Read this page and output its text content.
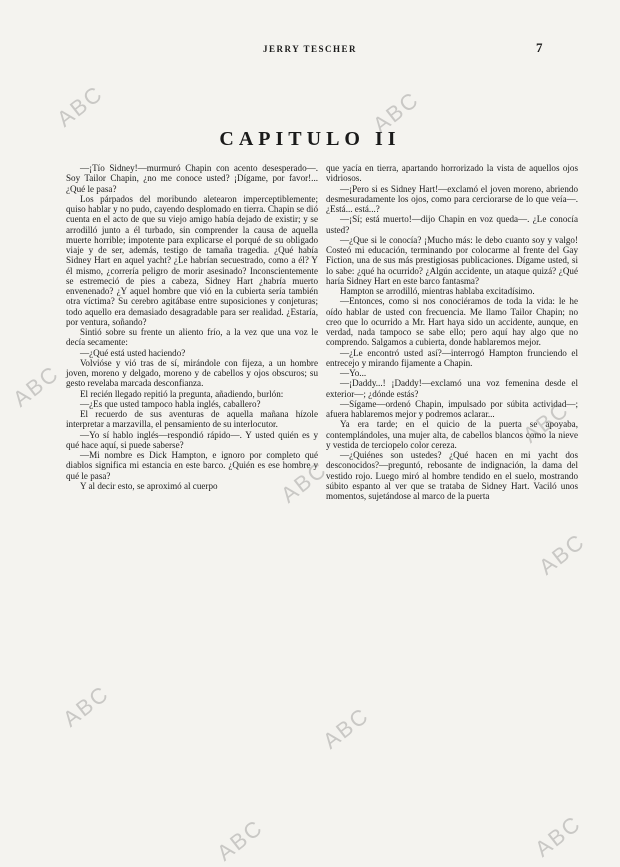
JERRY TESCHER	7
CAPITULO II

—¡Tío Sidney!—murmuró Chapin con acento desesperado—. Soy Tailor Chapin, ¿no me conoce usted? ¡Dígame, por favor!... ¿Qué le pasa?

Los párpados del moribundo aletearon imperceptiblemente; quiso hablar y no pudo, cayendo desplomado en tierra. Chapin se dió cuenta en el acto de que su viejo amigo había dejado de existir; y se arrodilló junto a él turbado, sin comprender la causa de aquella muerte horrible; impotente para explicarse el porqué de su obligado viaje y de ser, además, testigo de tamaña tragedia. ¿Qué había Sidney Hart en aquel yacht? ¿Le habrían secuestrado, como a él? Y él mismo, ¿correría peligro de morir asesinado? Inconscientemente se estremeció de pies a cabeza, Sidney Hart ¿habría muerto envenenado? ¿Y aquel hombre que vió en la cubierta sería también otra víctima? Su cerebro agitábase entre suposiciones y conjeturas; todo aquello era demasiado desagradable para ser realidad. ¿Estaría, por ventura, soñando?

Sintió sobre su frente un aliento frío, a la vez que una voz le decía secamente:

—¿Qué está usted haciendo?

Volvióse y vió tras de sí, mirándole con fijeza, a un hombre joven, moreno y delgado, moreno y de cabellos y ojos obscuros; su gesto revelaba marcada desconfianza.

El recién llegado repitió la pregunta, añadiendo, burlón:

—¿Es que usted tampoco habla inglés, caballero?

El recuerdo de sus aventuras de aquella mañana hízole interpretar a marzavilla, el pensamiento de su interlocutor.

—Yo sí hablo inglés—respondió rápido—. Y usted quién es y qué hace aquí, si puede saberse?

—Mi nombre es Dick Hampton, e ignoro por completo qué diablos significa mi estancia en este barco. ¿Quién es ese hombre y qué le pasa?

Y al decir esto, se aproximó al cuerpo

que yacía en tierra, apartando horrorizado la vista de aquellos ojos vidriosos.

—¡Pero si es Sidney Hart!—exclamó el joven moreno, abriendo desmesuradamente los ojos, como para cerciorarse de lo que veía—. ¿Está... está...?

—¡Sí; está muerto!—dijo Chapin en voz queda—. ¿Le conocía usted?

—¿Que si le conocía? ¡Mucho más: le debo cuanto soy y valgo! Costeó mi educación, terminando por colocarme al frente del Gay Fiction, una de sus más prestigiosas publicaciones. Dígame usted, si lo sabe: ¿qué ha ocurrido? ¿Algún accidente, un ataque quizá? ¿Qué haría Sidney Hart en este barco fantasma?

Hampton se arrodilló, mientras hablaba excitadísimo.

—Entonces, como si nos conociéramos de toda la vida: le he oído hablar de usted con frecuencia. Me llamo Tailor Chapin; no creo que lo ocurrido a Mr. Hart haya sido un accidente, aunque, en verdad, nada tampoco se sabe ello; pero aquí hay algo que no comprendo. Salgamos a cubierta, donde hablaremos mejor.

—¿Le encontró usted así?—interrogó Hampton frunciendo el entrecejo y mirando fijamente a Chapin.

—Yo...

—¡Daddy...! ¡Daddy!—exclamó una voz femenina desde el exterior—; ¿dónde estás?

—Sígame—ordenó Chapin, impulsado por súbita actividad—; afuera hablaremos mejor y podremos aclarar...

Ya era tarde; en el quicio de la puerta se apoyaba, contemplándoles, una mujer alta, de cabellos blancos como la nieve y vestida de terciopelo color cereza.

—¿Quiénes son ustedes? ¿Qué hacen en mi yacht dos desconocidos?—preguntó, rebosante de indignación, la dama del vestido rojo. Luego miró al hombre tendido en el suelo, mostrando súbito espanto al ver que se trataba de Sidney Hart. Vaciló unos momentos, sujetándose al marco de la puerta

ABC	ABC
ABC
ABC
ABC
ABC
ABC	ABC
ABC	ABC
